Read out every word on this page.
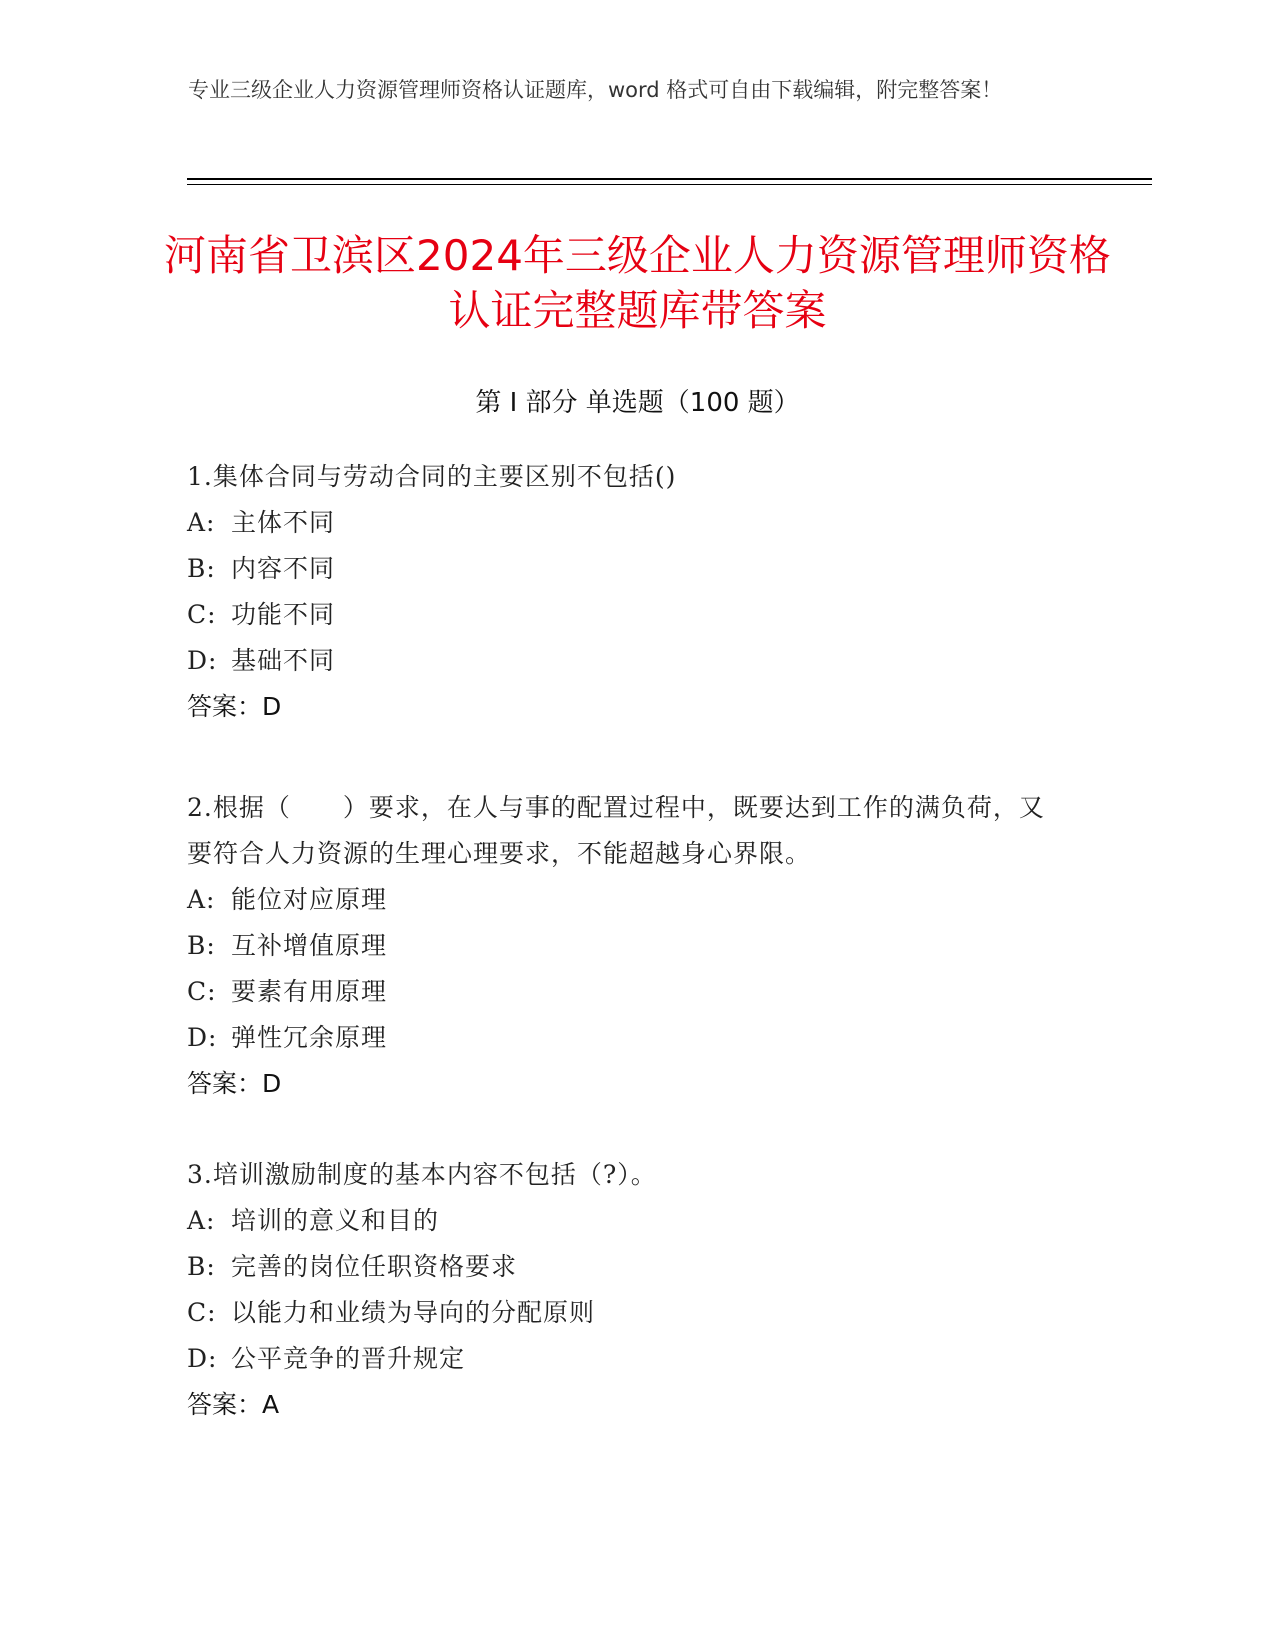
专业三级企业人力资源管理师资格认证题库，word 格式可自由下载编辑，附完整答案！
河南省卫滨区2024年三级企业人力资源管理师资格认证完整题库带答案
第 I 部分 单选题（100 题）

1.集体合同与劳动合同的主要区别不包括()

A: 主体不同

B: 内容不同

C: 功能不同

D: 基础不同

答案：D

2.根据（　　）要求，在人与事的配置过程中，既要达到工作的满负荷，又要符合人力资源的生理心理要求，不能超越身心界限。

A: 能位对应原理

B: 互补增值原理

C: 要素有用原理

D: 弹性冗余原理

答案：D

3.培训激励制度的基本内容不包括（?）。

A: 培训的意义和目的

B: 完善的岗位任职资格要求

C: 以能力和业绩为导向的分配原则

D: 公平竞争的晋升规定

答案：A
